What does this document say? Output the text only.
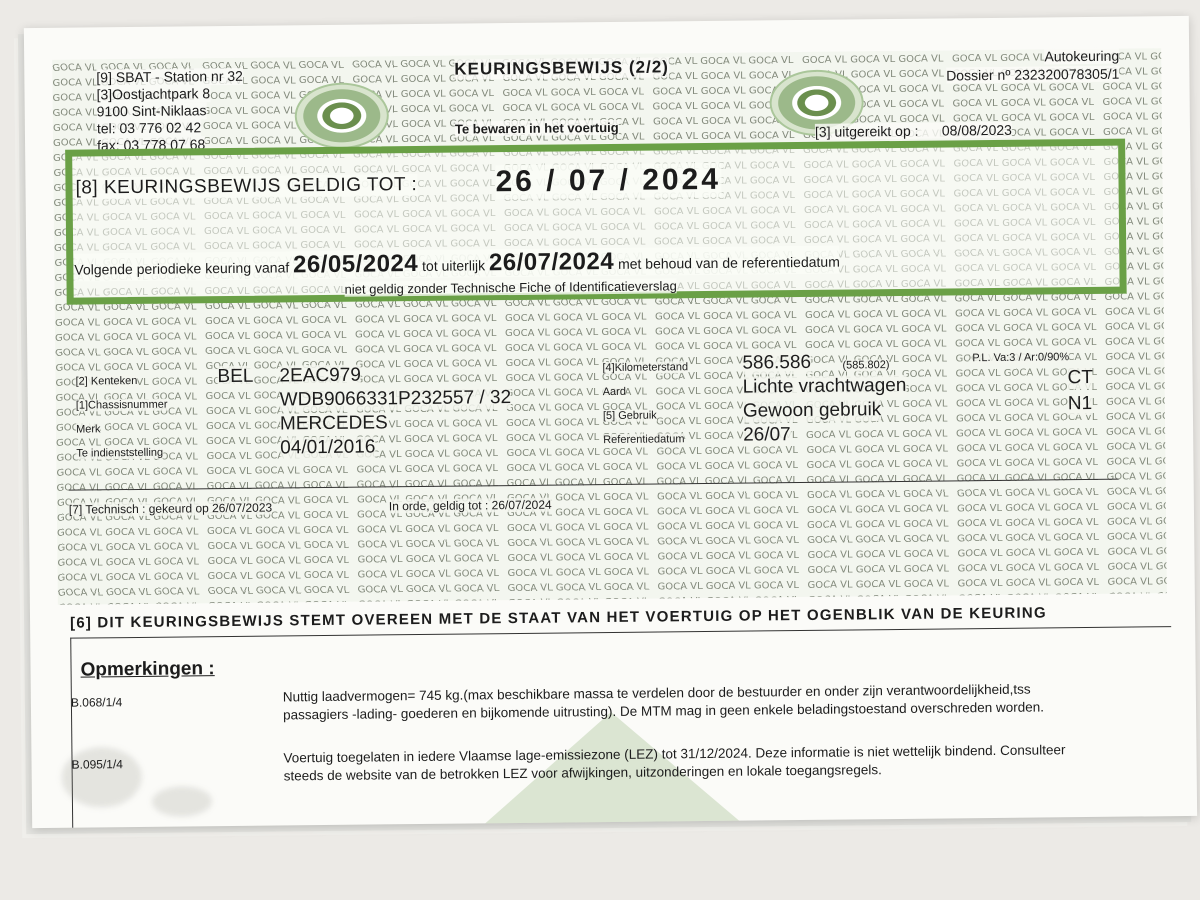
[9] SBAT - Station nr 32
[3]Oostjachtpark 8
9100 Sint-Niklaas
tel: 03 776 02 42
fax: 03 778 07 68
KEURINGSBEWIJS (2/2)
Te bewaren in het voertuig
Autokeuring
Dossier nº 232320078305/1
[3] uitgereikt op : 08/08/2023
[8] KEURINGSBEWIJS GELDIG TOT :	26 / 07 / 2024
Volgende periodieke keuring vanaf 26/05/2024 tot uiterlijk 26/07/2024 met behoud van de referentiedatum
niet geldig zonder Technische Fiche of Identificatieverslag
[2] Kenteken	BEL 2EAC979
[1]Chassisnummer	WDB9066331P232557 / 32
Merk	MERCEDES
Te indienststelling	04/01/2016
[4]Kilometerstand	586.586	(585.802)
P.L. Va:3 / Ar:0/90%
Aard	Lichte vrachtwagen	CT
[5] Gebruik	Gewoon gebruik	N1
Referentiedatum	26/07
[7] Technisch : gekeurd op 26/07/2023	In orde, geldig tot : 26/07/2024
[6] DIT KEURINGSBEWIJS STEMT OVEREEN MET DE STAAT VAN HET VOERTUIG OP HET OGENBLIK VAN DE KEURING
Opmerkingen :
B.068/1/4	Nuttig laadvermogen= 745 kg.(max beschikbare massa te verdelen door de bestuurder en onder zijn verantwoordelijkheid,tss passagiers -lading- goederen en bijkomende uitrusting). De MTM mag in geen enkele beladingstoestand overschreden worden.
B.095/1/4	Voertuig toegelaten in iedere Vlaamse lage-emissiezone (LEZ) tot 31/12/2024. Deze informatie is niet wettelijk bindend. Consulteer steeds de website van de betrokken LEZ voor afwijkingen, uitzonderingen en lokale toegangsregels.
